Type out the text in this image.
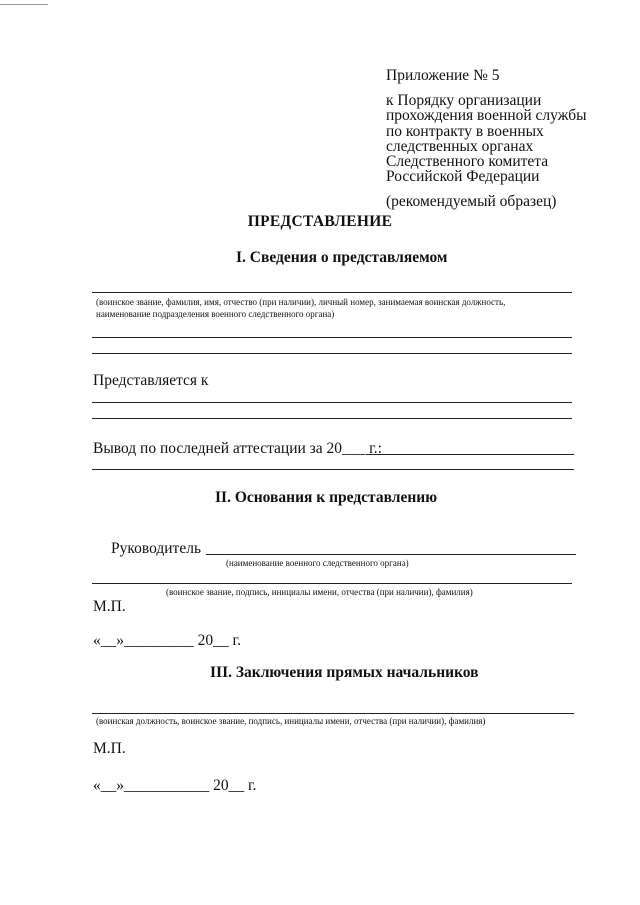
Приложение № 5
к Порядку организации
прохождения военной службы
по контракту в военных
следственных органах
Следственного комитета
Российской Федерации
(рекомендуемый образец)
ПРЕДСТАВЛЕНИЕ
I. Сведения о представляемом
(воинское звание, фамилия, имя, отчество (при наличии), личный номер, занимаемая воинская должность,
наименование подразделения военного следственного органа)
Представляется к
Вывод по последней аттестации за 20___ г.:
II. Основания к представлению
Руководитель
(наименование военного следственного органа)
(воинское звание, подпись, инициалы имени, отчества (при наличии), фамилия)
М.П.
«__»_________ 20__ г.
III. Заключения прямых начальников
(воинская должность, воинское звание, подпись, инициалы имени, отчества (при наличии), фамилия)
М.П.
«__»___________ 20__ г.
